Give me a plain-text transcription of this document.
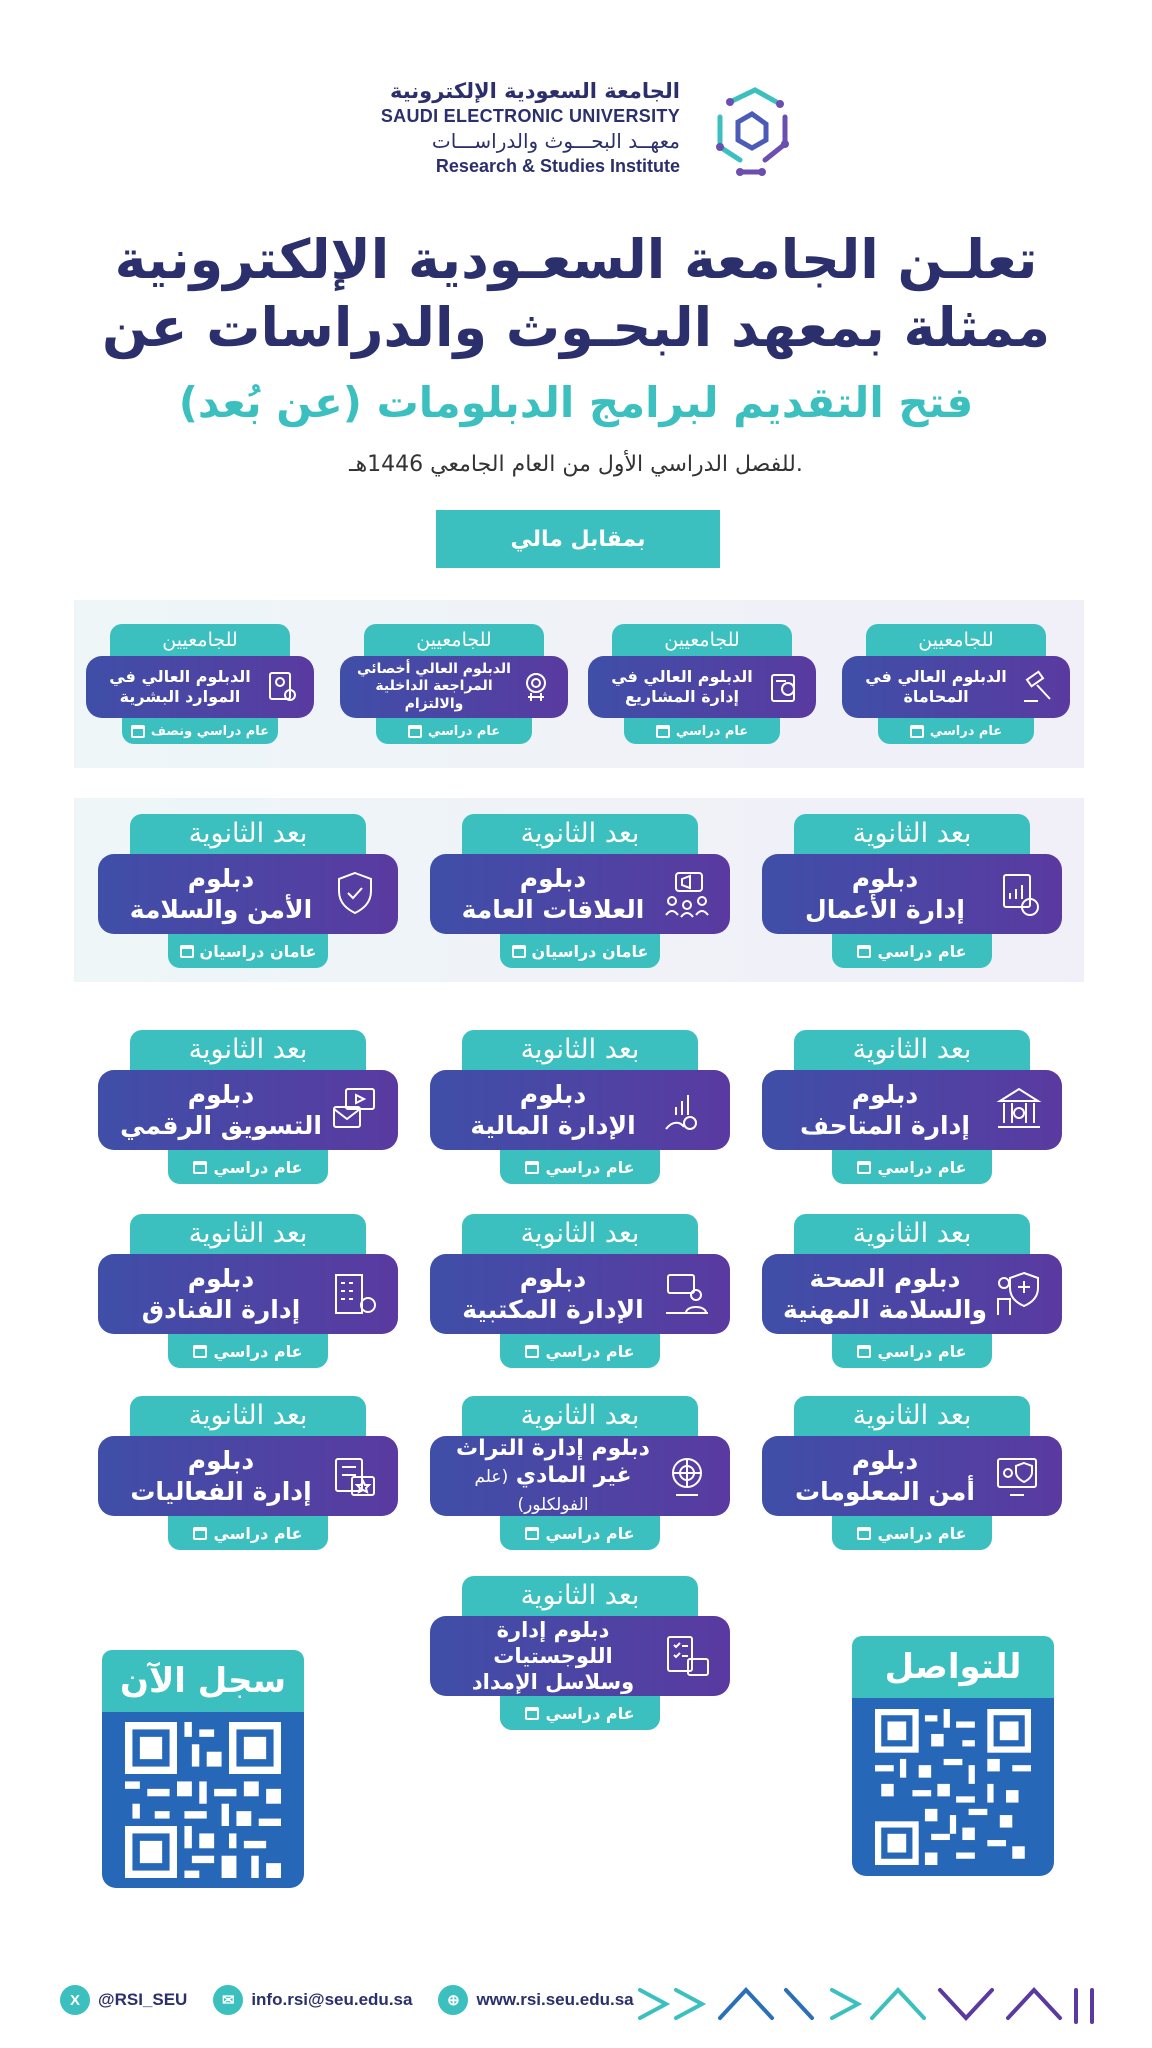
الجامعة السعودية الإلكترونية
SAUDI ELECTRONIC UNIVERSITY
معهــد البحـــوث والدراســـات
Research & Studies Institute
تعلـن الجامعة السعـودية الإلكترونية
ممثلة بمعهد البحـوث والدراسات عن
فتح التقديم لبرامج الدبلومات (عن بُعد)
للفصل الدراسي الأول من العام الجامعي 1446هـ.
بمقابل مالي
للجامعيين
الدبلوم العالي في المحاماة
عام دراسي
للجامعيين
الدبلوم العالي في إدارة المشاريع
عام دراسي
للجامعيين
الدبلوم العالي أخصائي المراجعة الداخلية والالتزام
عام دراسي
للجامعيين
الدبلوم العالي في الموارد البشرية
عام دراسي ونصف
بعد الثانوية
دبلوم
إدارة الأعمال
عام دراسي
بعد الثانوية
دبلوم
العلاقات العامة
عامان دراسيان
بعد الثانوية
دبلوم
الأمن والسلامة
عامان دراسيان
بعد الثانوية
دبلوم
إدارة المتاحف
عام دراسي
بعد الثانوية
دبلوم
الإدارة المالية
عام دراسي
بعد الثانوية
دبلوم
التسويق الرقمي
عام دراسي
بعد الثانوية
دبلوم الصحة
والسلامة المهنية
عام دراسي
بعد الثانوية
دبلوم
الإدارة المكتبية
عام دراسي
بعد الثانوية
دبلوم
إدارة الفنادق
عام دراسي
بعد الثانوية
دبلوم
أمن المعلومات
عام دراسي
بعد الثانوية
دبلوم إدارة التراث
غير المادي (علم الفولكلور)
عام دراسي
بعد الثانوية
دبلوم
إدارة الفعاليات
عام دراسي
بعد الثانوية
دبلوم إدارة اللوجستيات
وسلاسل الإمداد
عام دراسي
سجل الآن	للتواصل
X	@RSI_SEU	✉ info.rsi@seu.edu.sa	⊕ www.rsi.seu.edu.sa
